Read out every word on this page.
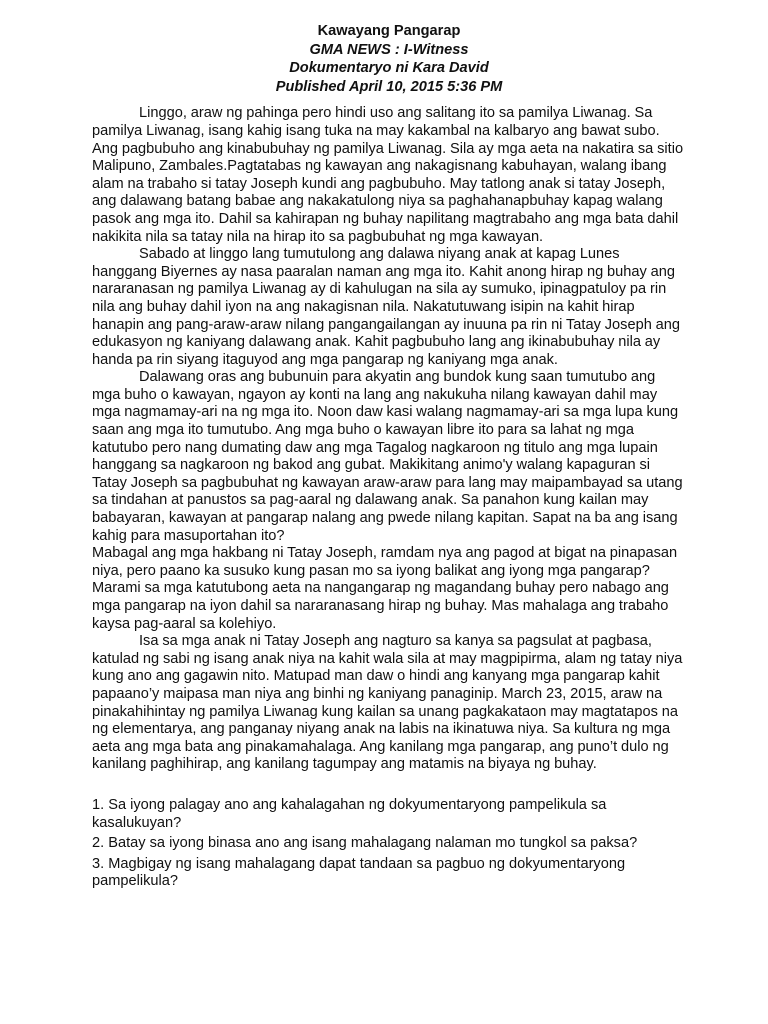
Kawayang Pangarap
GMA NEWS : I-Witness
Dokumentaryo ni Kara David
Published April 10, 2015 5:36 PM

Linggo, araw ng pahinga pero hindi uso ang salitang ito sa pamilya Liwanag. Sa pamilya Liwanag, isang kahig isang tuka na may kakambal na kalbaryo ang bawat subo. Ang pagbubuho ang kinabubuhay ng pamilya Liwanag. Sila ay mga aeta na nakatira sa sitio Malipuno, Zambales.Pagtatabas ng kawayan ang nakagisnang kabuhayan, walang ibang alam na trabaho si tatay Joseph kundi ang pagbubuho. May tatlong anak si tatay Joseph, ang dalawang batang babae ang nakakatulong niya sa paghahanapbuhay kapag walang pasok ang mga ito. Dahil sa kahirapan ng buhay napilitang magtrabaho ang mga bata dahil nakikita nila sa tatay nila na hirap ito sa pagbubuhat ng mga kawayan.

Sabado at linggo lang tumutulong ang dalawa niyang anak at kapag Lunes hanggang Biyernes ay nasa paaralan naman ang mga ito. Kahit anong hirap ng buhay ang nararanasan ng pamilya Liwanag ay di kahulugan na sila ay sumuko, ipinagpatuloy pa rin nila ang buhay dahil iyon na ang nakagisnan nila. Nakatutuwang isipin na kahit hirap hanapin ang pang-araw-araw nilang pangangailangan ay inuuna pa rin ni Tatay Joseph ang edukasyon ng kaniyang dalawang anak. Kahit pagbubuho lang ang ikinabubuhay nila ay handa pa rin siyang itaguyod ang mga pangarap ng kaniyang mga anak.

Dalawang oras ang bubunuin para akyatin ang bundok kung saan tumutubo ang mga buho o kawayan, ngayon ay konti na lang ang nakukuha nilang kawayan dahil may mga nagmamay-ari na ng mga ito. Noon daw kasi walang nagmamay-ari sa mga lupa kung saan ang mga ito tumutubo. Ang mga buho o kawayan libre ito para sa lahat ng mga katutubo pero nang dumating daw ang mga Tagalog nagkaroon ng titulo ang mga lupain hanggang sa nagkaroon ng bakod ang gubat. Makikitang animo'y walang kapaguran si Tatay Joseph sa pagbubuhat ng kawayan araw-araw para lang may maipambayad sa utang sa tindahan at panustos sa pag-aaral ng dalawang anak. Sa panahon kung kailan may babayaran, kawayan at pangarap nalang ang pwede nilang kapitan. Sapat na ba ang isang kahig para masuportahan ito?

Mabagal ang mga hakbang ni Tatay Joseph, ramdam nya ang pagod at bigat na pinapasan niya, pero paano ka susuko kung pasan mo sa iyong balikat ang iyong mga pangarap? Marami sa mga katutubong aeta na nangangarap ng magandang buhay pero nabago ang mga pangarap na iyon dahil sa nararanasang hirap ng buhay. Mas mahalaga ang trabaho kaysa pag-aaral sa kolehiyo.

Isa sa mga anak ni Tatay Joseph ang nagturo sa kanya sa pagsulat at pagbasa, katulad ng sabi ng isang anak niya na kahit wala sila at may magpipirma, alam ng tatay niya kung ano ang gagawin nito. Matupad man daw o hindi ang kanyang mga pangarap kahit papaano’y maipasa man niya ang binhi ng kaniyang panaginip. March 23, 2015, araw na pinakahihintay ng pamilya Liwanag kung kailan sa unang pagkakataon may magtatapos na ng elementarya, ang panganay niyang anak na labis na ikinatuwa niya. Sa kultura ng mga aeta ang mga bata ang pinakamahalaga. Ang kanilang mga pangarap, ang puno’t dulo ng kanilang paghihirap, ang kanilang tagumpay ang matamis na biyaya ng buhay.

1. Sa iyong palagay ano ang kahalagahan ng dokyumentaryong pampelikula sa kasalukuyan?
2. Batay sa iyong binasa ano ang isang mahalagang nalaman mo tungkol sa paksa?
3. Magbigay ng isang mahalagang dapat tandaan sa pagbuo ng dokyumentaryong pampelikula?
